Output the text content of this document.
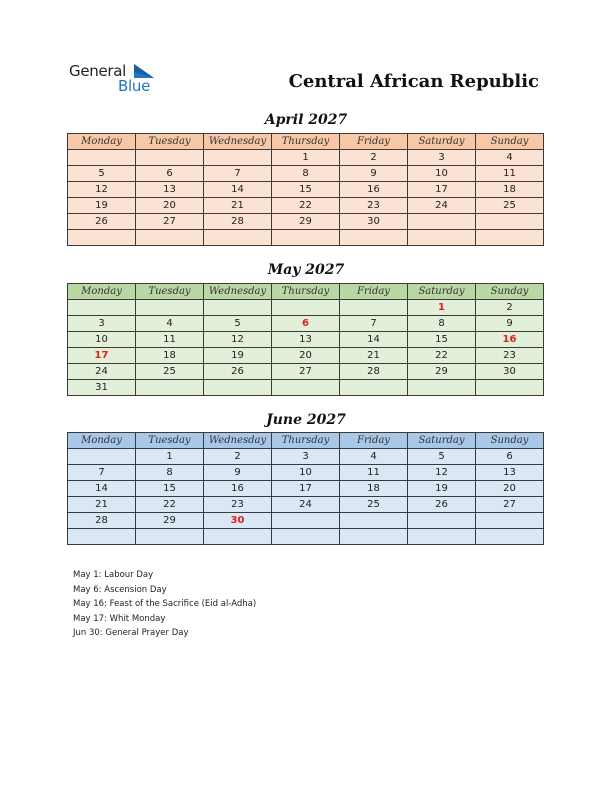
General
Blue	Central African Republic
April 2027
Monday	Tuesday	Wednesday	Thursday	Friday	Saturday	Sunday
			1	2	3	4
5	6	7	8	9	10	11
12	13	14	15	16	17	18
19	20	21	22	23	24	25
26	27	28	29	30		

May 2027
Monday	Tuesday	Wednesday	Thursday	Friday	Saturday	Sunday
					1	2
3	4	5	6	7	8	9
10	11	12	13	14	15	16
17	18	19	20	21	22	23
24	25	26	27	28	29	30
31						
June 2027
Monday	Tuesday	Wednesday	Thursday	Friday	Saturday	Sunday
	1	2	3	4	5	6
7	8	9	10	11	12	13
14	15	16	17	18	19	20
21	22	23	24	25	26	27
28	29	30				

May 1: Labour Day
May 6: Ascension Day
May 16: Feast of the Sacrifice (Eid al-Adha)
May 17: Whit Monday
Jun 30: General Prayer Day
